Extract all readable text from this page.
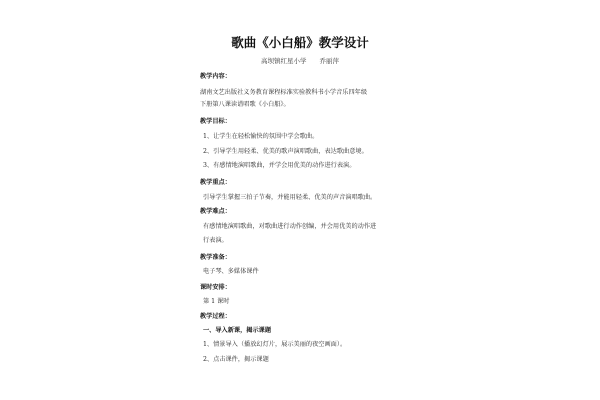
歌曲《小白船》教学设计
高坝镇红星小学　　乔丽萍
教学内容：
湖南文艺出版社义务教育课程标准实验教科书小学音乐四年级
下册第八课读谱唱歌《小白船》。
教学目标：
1、让学生在轻松愉快的氛围中学会歌曲。
2、引导学生用轻柔、优美的歌声演唱歌曲，表达歌曲意境。
3、有感情地演唱歌曲，并学会用优美的动作进行表演。
教学重点：
引导学生掌握三拍子节奏，并能用轻柔、优美的声音演唱歌曲。
教学难点：
有感情地演唱歌曲，对歌曲进行动作创编，并会用优美的动作进
行表演。
教学准备：
电子琴、多媒体课件
课时安排：
第 1 课时
教学过程：
一、导入新课，揭示课题
1、情景导入（播放幻灯片，展示美丽的夜空画面）。
2、点击课件，揭示课题
